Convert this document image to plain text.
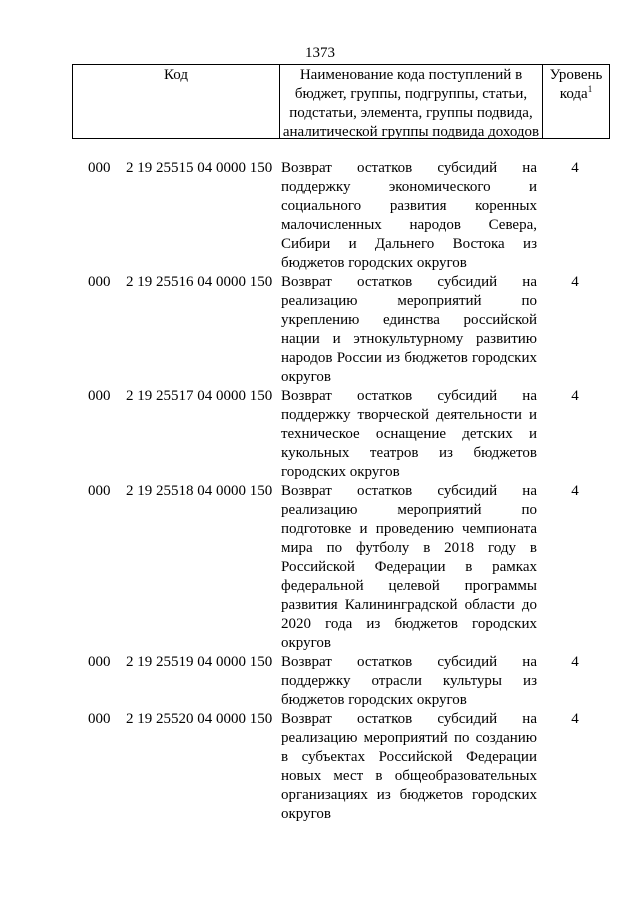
1373
Код	Наименование кода поступлений в бюджет, группы, подгруппы, статьи, подстатьи, элемента, группы подвида, аналитической группы подвида доходов
Уровень кода$^1$
000 2 19 25515 04 0000 150 Возврат остатков субсидий на поддержку экономического и социального развития коренных малочисленных народов Севера, Сибири и Дальнего Востока из бюджетов городских округов
4
000 2 19 25516 04 0000 150 Возврат остатков субсидий на реализацию мероприятий по укреплению единства российской нации и этнокультурному развитию народов России из бюджетов городских округов
4
000 2 19 25517 04 0000 150 Возврат остатков субсидий на поддержку творческой деятельности и техническое оснащение детских и кукольных театров из бюджетов городских округов
4
000 2 19 25518 04 0000 150 Возврат остатков субсидий на реализацию мероприятий по подготовке и проведению чемпионата мира по футболу в 2018 году в Российской Федерации в рамках федеральной целевой программы развития Калининградской области до 2020 года из бюджетов городских округов
4
000 2 19 25519 04 0000 150 Возврат остатков субсидий на поддержку отрасли культуры из бюджетов городских округов
4
000 2 19 25520 04 0000 150 Возврат остатков субсидий на реализацию мероприятий по созданию в субъектах Российской Федерации новых мест в общеобразовательных организациях из бюджетов городских округов
4
